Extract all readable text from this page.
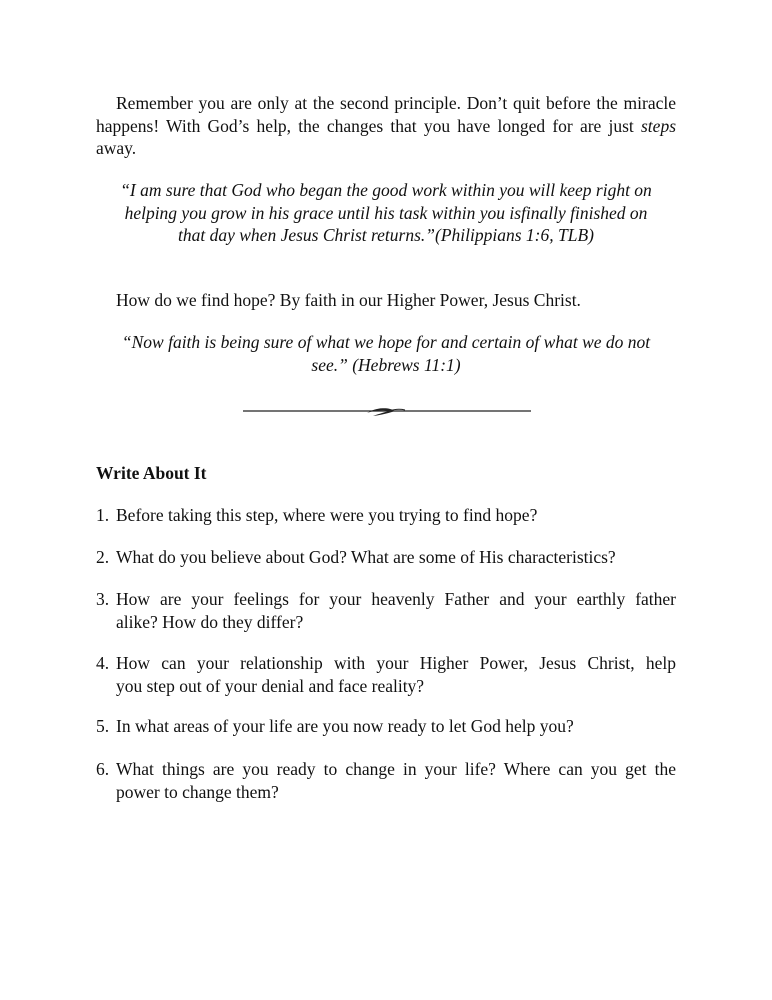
Remember you are only at the second principle. Don’t quit before the miracle happens! With God’s help, the changes that you have longed for are just steps away.

“I am sure that God who began the good work within you will keep right on helping you grow in his grace until his task within you isfinally finished on that day when Jesus Christ returns.”(Philippians 1:6, TLB)

How do we find hope? By faith in our Higher Power, Jesus Christ.

“Now faith is being sure of what we hope for and certain of what we do not see.” (Hebrews 11:1)

Write About It
1. Before taking this step, where were you trying to find hope?
2. What do you believe about God? What are some of His characteristics?
3. How are your feelings for your heavenly Father and your earthly father
alike? How do they differ?
4. How can your relationship with your Higher Power, Jesus Christ, help
you step out of your denial and face reality?
5. In what areas of your life are you now ready to let God help you?
6. What things are you ready to change in your life? Where can you get the
power to change them?
